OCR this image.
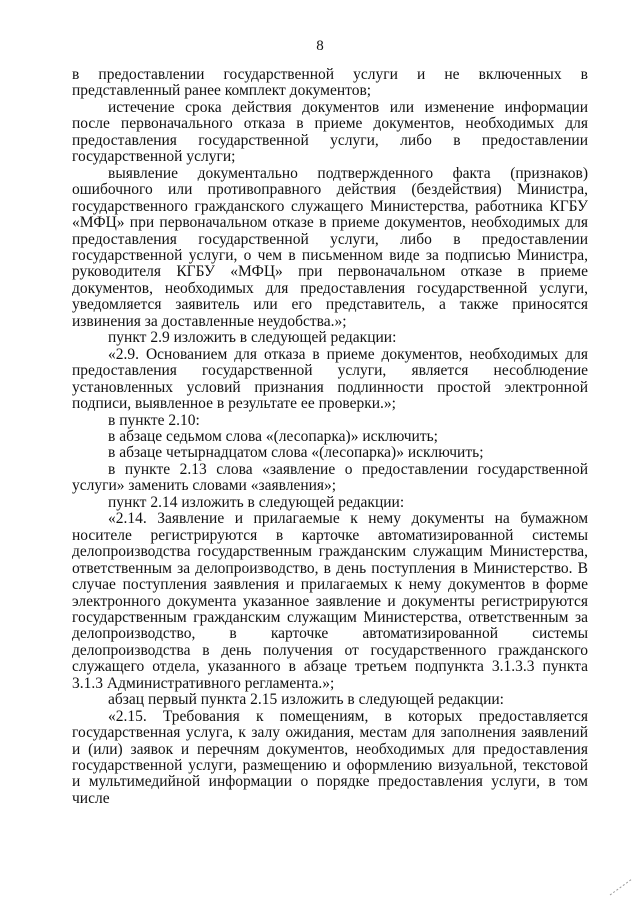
8

в предоставлении государственной услуги и не включенных в представленный ранее комплект документов;

истечение срока действия документов или изменение информации после первоначального отказа в приеме документов, необходимых для предоставления государственной услуги, либо в предоставлении государственной услуги;

выявление документально подтвержденного факта (признаков) ошибочного или противоправного действия (бездействия) Министра, государственного гражданского служащего Министерства, работника КГБУ «МФЦ» при первоначальном отказе в приеме документов, необходимых для предоставления государственной услуги, либо в предоставлении государственной услуги, о чем в письменном виде за подписью Министра, руководителя КГБУ «МФЦ» при первоначальном отказе в приеме документов, необходимых для предоставления государственной услуги, уведомляется заявитель или его представитель, а также приносятся извинения за доставленные неудобства.»;

пункт 2.9 изложить в следующей редакции:

«2.9. Основанием для отказа в приеме документов, необходимых для предоставления государственной услуги, является несоблюдение установленных условий признания подлинности простой электронной подписи, выявленное в результате ее проверки.»;

в пункте 2.10:

в абзаце седьмом слова «(лесопарка)» исключить;

в абзаце четырнадцатом слова «(лесопарка)» исключить;

в пункте 2.13 слова «заявление о предоставлении государственной услуги» заменить словами «заявления»;

пункт 2.14 изложить в следующей редакции:

«2.14. Заявление и прилагаемые к нему документы на бумажном носителе регистрируются в карточке автоматизированной системы делопроизводства государственным гражданским служащим Министерства, ответственным за делопроизводство, в день поступления в Министерство. В случае поступления заявления и прилагаемых к нему документов в форме электронного документа указанное заявление и документы регистрируются государственным гражданским служащим Министерства, ответственным за делопроизводство, в карточке автоматизированной системы делопроизводства в день получения от государственного гражданского служащего отдела, указанного в абзаце третьем подпункта 3.1.3.3 пункта 3.1.3 Административного регламента.»;

абзац первый пункта 2.15 изложить в следующей редакции:

«2.15. Требования к помещениям, в которых предоставляется государственная услуга, к залу ожидания, местам для заполнения заявлений и (или) заявок и перечням документов, необходимых для предоставления государственной услуги, размещению и оформлению визуальной, текстовой и мультимедийной информации о порядке предоставления услуги, в том числе
